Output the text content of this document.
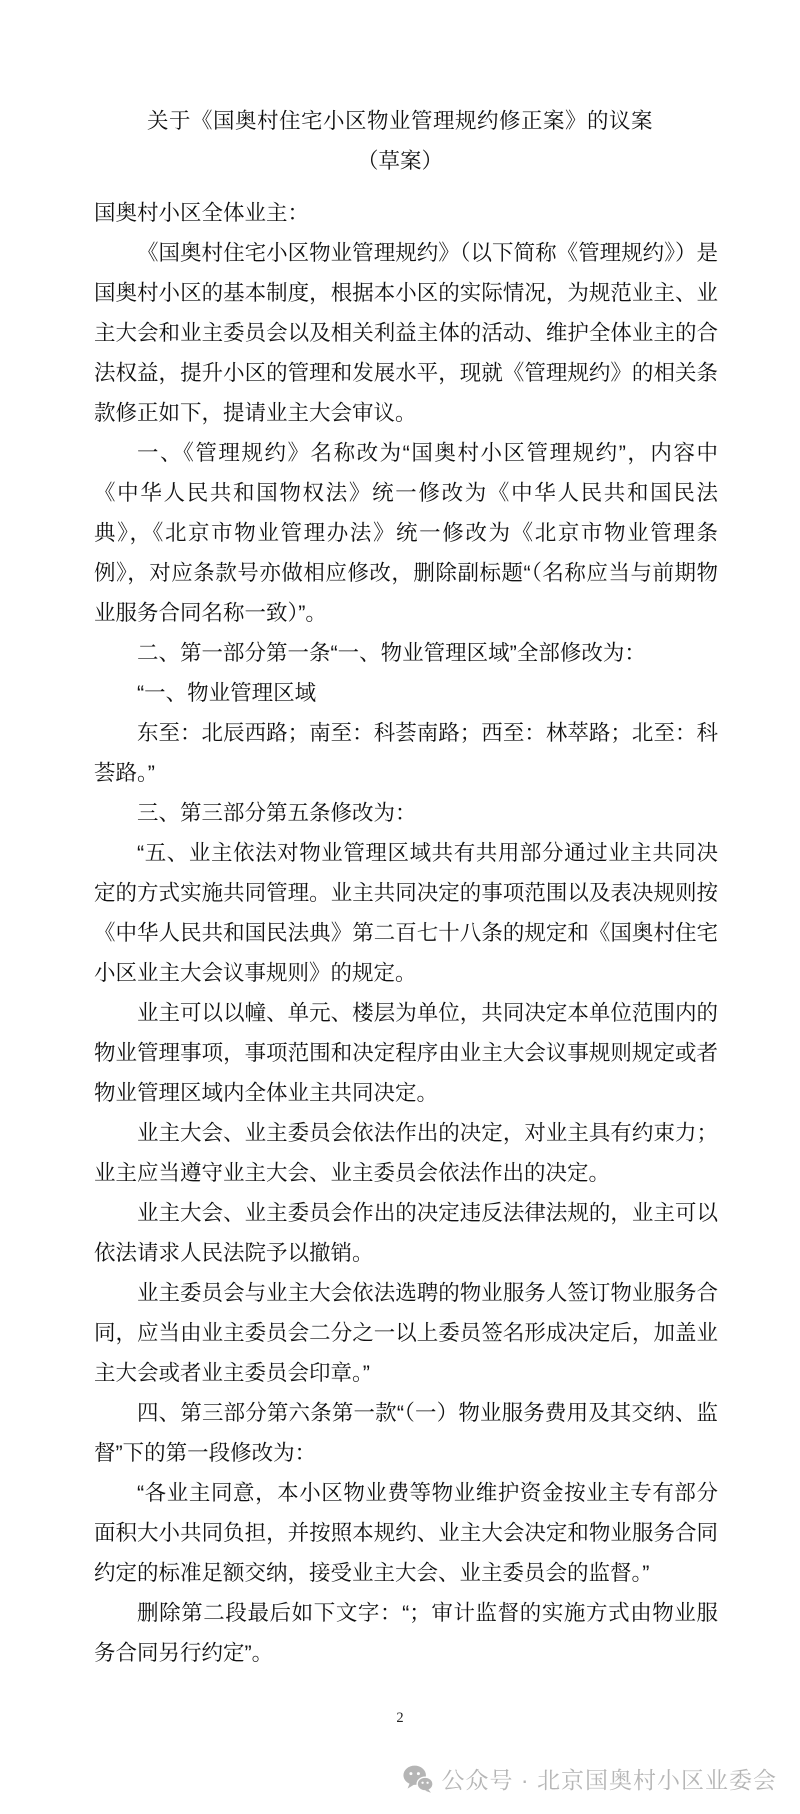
关于《国奥村住宅小区物业管理规约修正案》的议案
（草案）

国奥村小区全体业主：

《国奥村住宅小区物业管理规约》（以下简称《管理规约》）是国奥村小区的基本制度，根据本小区的实际情况，为规范业主、业主大会和业主委员会以及相关利益主体的活动、维护全体业主的合法权益，提升小区的管理和发展水平，现就《管理规约》的相关条款修正如下，提请业主大会审议。

一、《管理规约》名称改为“国奥村小区管理规约”，内容中《中华人民共和国物权法》统一修改为《中华人民共和国民法典》，《北京市物业管理办法》统一修改为《北京市物业管理条例》，对应条款号亦做相应修改，删除副标题“（名称应当与前期物业服务合同名称一致）”。

二、第一部分第一条“一、物业管理区域”全部修改为：

“一、物业管理区域

东至：北辰西路；南至：科荟南路；西至：林萃路；北至：科荟路。”

三、第三部分第五条修改为：

“五、业主依法对物业管理区域共有共用部分通过业主共同决定的方式实施共同管理。业主共同决定的事项范围以及表决规则按《中华人民共和国民法典》第二百七十八条的规定和《国奥村住宅小区业主大会议事规则》的规定。

业主可以以幢、单元、楼层为单位，共同决定本单位范围内的物业管理事项，事项范围和决定程序由业主大会议事规则规定或者物业管理区域内全体业主共同决定。

业主大会、业主委员会依法作出的决定，对业主具有约束力；业主应当遵守业主大会、业主委员会依法作出的决定。

业主大会、业主委员会作出的决定违反法律法规的，业主可以依法请求人民法院予以撤销。

业主委员会与业主大会依法选聘的物业服务人签订物业服务合同，应当由业主委员会二分之一以上委员签名形成决定后，加盖业主大会或者业主委员会印章。”

四、第三部分第六条第一款“（一）物业服务费用及其交纳、监督”下的第一段修改为：

“各业主同意，本小区物业费等物业维护资金按业主专有部分面积大小共同负担，并按照本规约、业主大会决定和物业服务合同约定的标准足额交纳，接受业主大会、业主委员会的监督。”

删除第二段最后如下文字：“；审计监督的实施方式由物业服务合同另行约定”。

2
公众号 · 北京国奥村小区业委会
